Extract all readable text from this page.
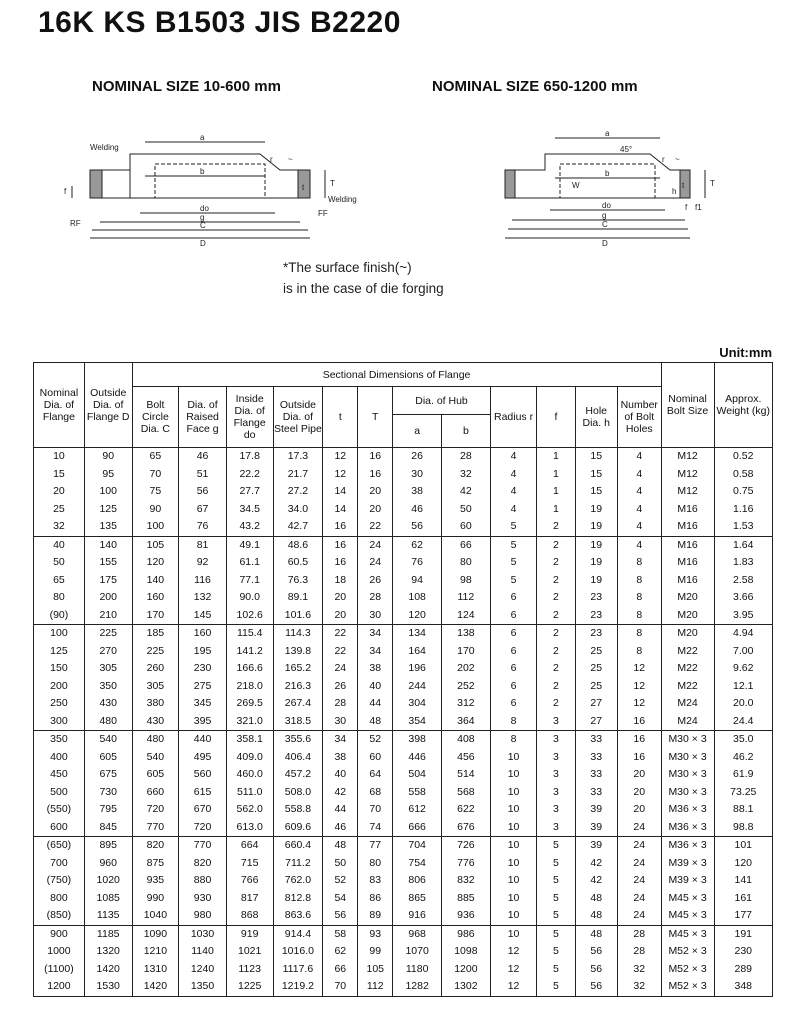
16K KS B1503 JIS B2220
NOMINAL SIZE 10-600 mm	NOMINAL SIZE 650-1200 mm
Welding
Welding
RF
FF
f
T
t
a
b
do
g
C
D
r ~
45°
W
a
b
do
g
C
D
T
t
h
r ~
f f1
*The surface finish(~)
is in the case of die forging
Unit:mm
Nominal Dia. of Flange	Outside Dia. of Flange D	Sectional Dimensions of Flange												Nominal Bolt Size	Approx. Weight (kg)
		Bolt Circle Dia. C	Dia. of Raised Face g	Inside Dia. of Flange do	Outside Dia. of Steel Pipe	t	T	Dia. of Hub		Radius r	f	Hole Dia. h	Number of Bolt Holes		
								a	b						
10	90	65	46	17.8	17.3	12	16	26	28	4	1	15	4	M12	0.52
15	95	70	51	22.2	21.7	12	16	30	32	4	1	15	4	M12	0.58
20	100	75	56	27.7	27.2	14	20	38	42	4	1	15	4	M12	0.75
25	125	90	67	34.5	34.0	14	20	46	50	4	1	19	4	M16	1.16
32	135	100	76	43.2	42.7	16	22	56	60	5	2	19	4	M16	1.53
40	140	105	81	49.1	48.6	16	24	62	66	5	2	19	4	M16	1.64
50	155	120	92	61.1	60.5	16	24	76	80	5	2	19	8	M16	1.83
65	175	140	116	77.1	76.3	18	26	94	98	5	2	19	8	M16	2.58
80	200	160	132	90.0	89.1	20	28	108	112	6	2	23	8	M20	3.66
(90)	210	170	145	102.6	101.6	20	30	120	124	6	2	23	8	M20	3.95
100	225	185	160	115.4	114.3	22	34	134	138	6	2	23	8	M20	4.94
125	270	225	195	141.2	139.8	22	34	164	170	6	2	25	8	M22	7.00
150	305	260	230	166.6	165.2	24	38	196	202	6	2	25	12	M22	9.62
200	350	305	275	218.0	216.3	26	40	244	252	6	2	25	12	M22	12.1
250	430	380	345	269.5	267.4	28	44	304	312	6	2	27	12	M24	20.0
300	480	430	395	321.0	318.5	30	48	354	364	8	3	27	16	M24	24.4
350	540	480	440	358.1	355.6	34	52	398	408	8	3	33	16	M30 × 3	35.0
400	605	540	495	409.0	406.4	38	60	446	456	10	3	33	16	M30 × 3	46.2
450	675	605	560	460.0	457.2	40	64	504	514	10	3	33	20	M30 × 3	61.9
500	730	660	615	511.0	508.0	42	68	558	568	10	3	33	20	M30 × 3	73.25
(550)	795	720	670	562.0	558.8	44	70	612	622	10	3	39	20	M36 × 3	88.1
600	845	770	720	613.0	609.6	46	74	666	676	10	3	39	24	M36 × 3	98.8
(650)	895	820	770	664	660.4	48	77	704	726	10	5	39	24	M36 × 3	101
700	960	875	820	715	711.2	50	80	754	776	10	5	42	24	M39 × 3	120
(750)	1020	935	880	766	762.0	52	83	806	832	10	5	42	24	M39 × 3	141
800	1085	990	930	817	812.8	54	86	865	885	10	5	48	24	M45 × 3	161
(850)	1135	1040	980	868	863.6	56	89	916	936	10	5	48	24	M45 × 3	177
900	1185	1090	1030	919	914.4	58	93	968	986	10	5	48	28	M45 × 3	191
1000	1320	1210	1140	1021	1016.0	62	99	1070	1098	12	5	56	28	M52 × 3	230
(1100)	1420	1310	1240	1123	1117.6	66	105	1180	1200	12	5	56	32	M52 × 3	289
1200	1530	1420	1350	1225	1219.2	70	112	1282	1302	12	5	56	32	M52 × 3	348
